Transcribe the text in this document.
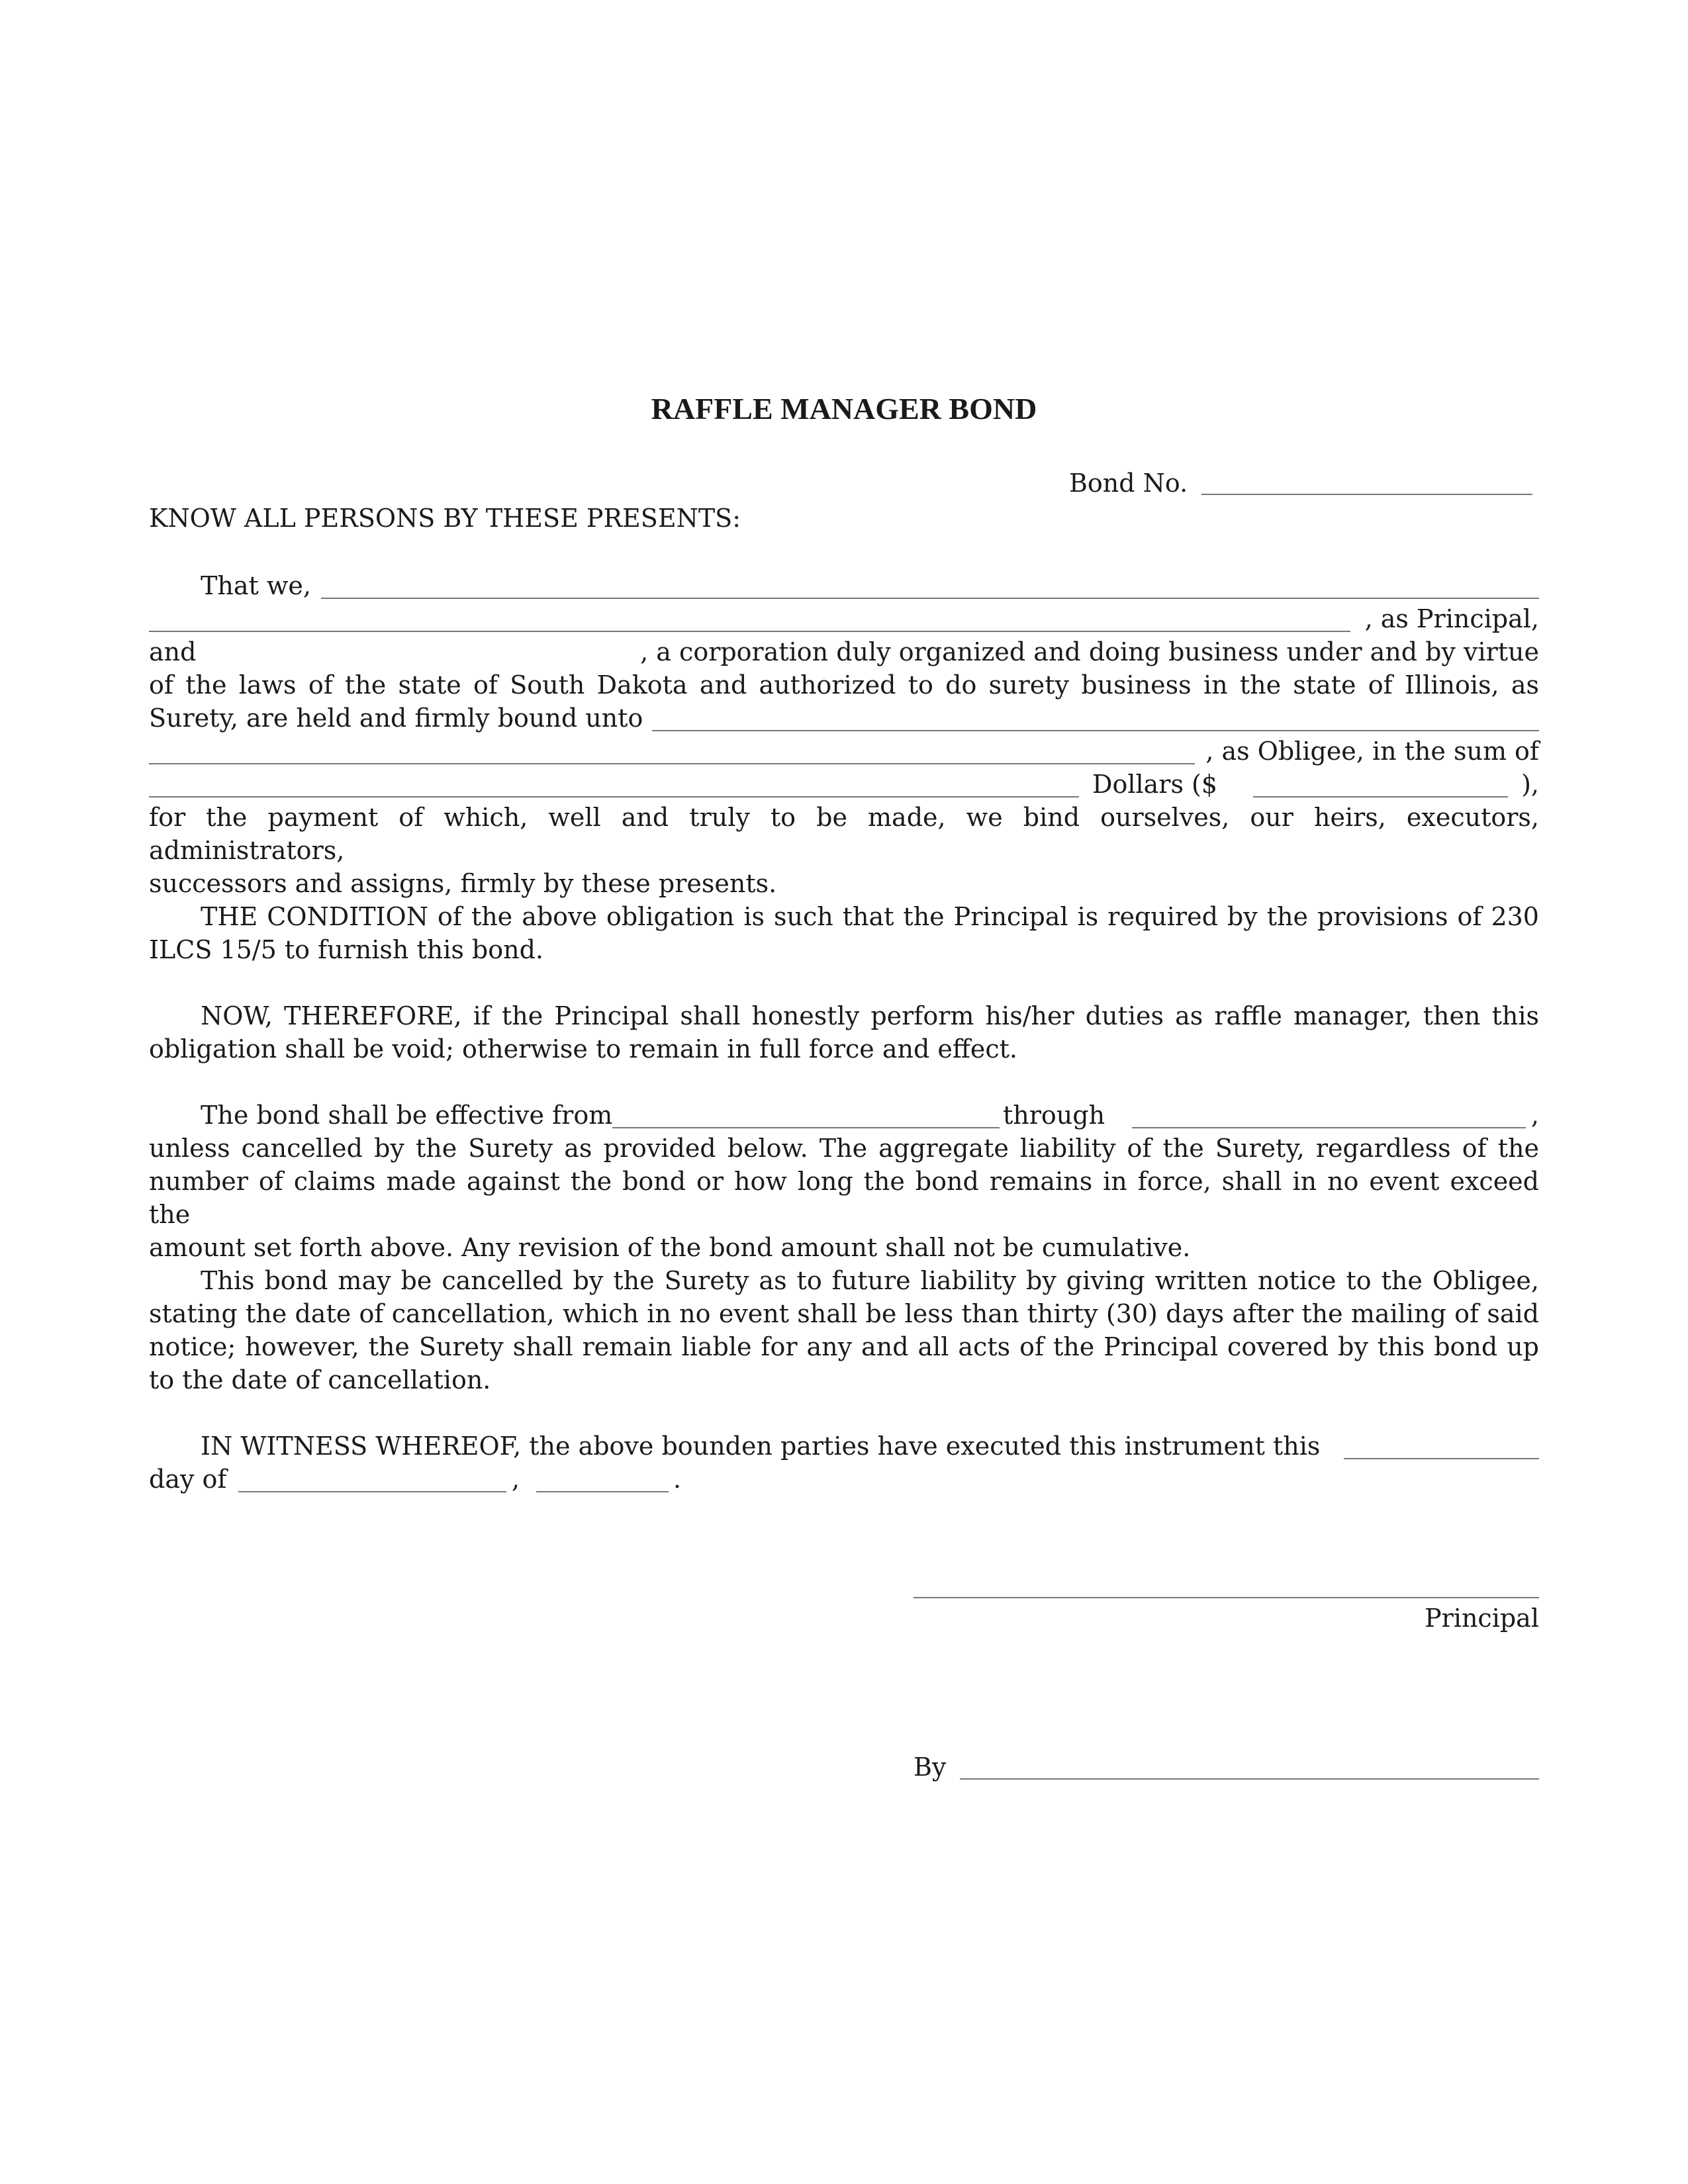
RAFFLE MANAGER BOND
Bond No.
KNOW ALL PERSONS BY THESE PRESENTS:
That we,
, as Principal,
and	, a corporation duly organized and doing business under and by virtue
of the laws of the state of South Dakota and authorized to do surety business in the state of Illinois, as
Surety, are held and firmly bound unto
, as Obligee, in the sum of
Dollars ($	),
for the payment of which, well and truly to be made, we bind ourselves, our heirs, executors, administrators,
successors and assigns, firmly by these presents.
THE CONDITION of the above obligation is such that the Principal is required by the provisions of 230
ILCS 15/5 to furnish this bond.
NOW, THEREFORE, if the Principal shall honestly perform his/her duties as raffle manager, then this
obligation shall be void; otherwise to remain in full force and effect.
The bond shall be effective from	through	,
unless cancelled by the Surety as provided below. The aggregate liability of the Surety, regardless of the
number of claims made against the bond or how long the bond remains in force, shall in no event exceed the
amount set forth above. Any revision of the bond amount shall not be cumulative.
This bond may be cancelled by the Surety as to future liability by giving written notice to the Obligee,
stating the date of cancellation, which in no event shall be less than thirty (30) days after the mailing of said
notice; however, the Surety shall remain liable for any and all acts of the Principal covered by this bond up
to the date of cancellation.
IN WITNESS WHEREOF, the above bounden parties have executed this instrument this
day of	,	.
Principal
By
